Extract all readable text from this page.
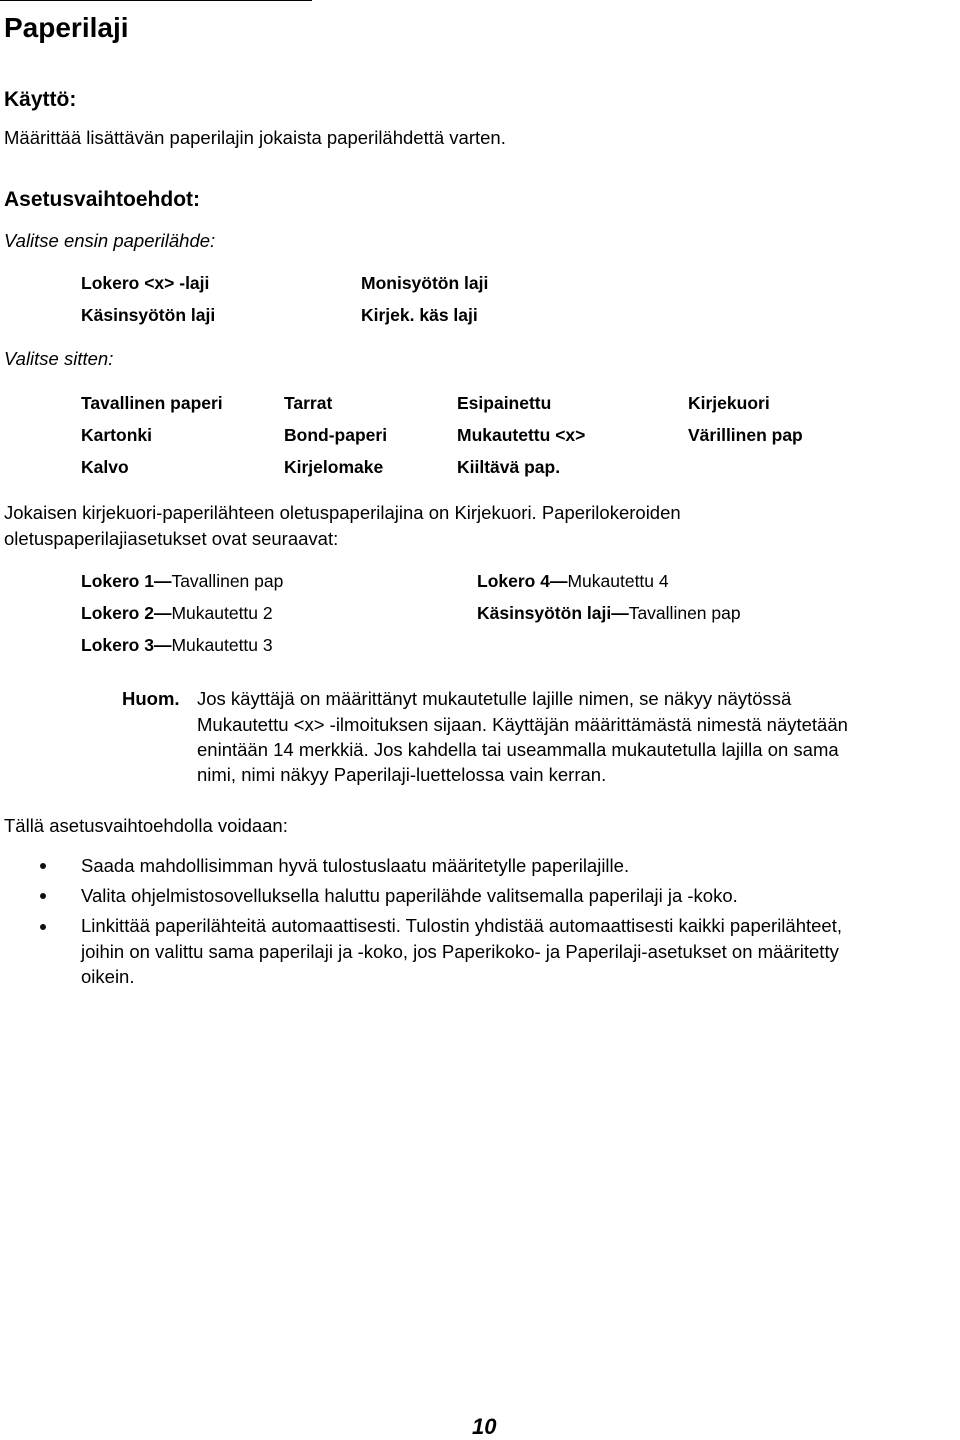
Paperilaji
Käyttö:
Määrittää lisättävän paperilajin jokaista paperilähdettä varten.
Asetusvaihtoehdot:
Valitse ensin paperilähde:
Lokero <x> -laji	Monisyötön laji
Käsinsyötön laji	Kirjek. käs laji
Valitse sitten:
Tavallinen paperi	Tarrat	Esipainettu	Kirjekuori
Kartonki	Bond-paperi	Mukautettu <x>	Värillinen pap
Kalvo	Kirjelomake	Kiiltävä pap.
Jokaisen kirjekuori-paperilähteen oletuspaperilajina on Kirjekuori. Paperilokeroiden
oletuspaperilajiasetukset ovat seuraavat:
Lokero 1—Tavallinen pap	Lokero 4—Mukautettu 4
Lokero 2—Mukautettu 2	Käsinsyötön laji—Tavallinen pap
Lokero 3—Mukautettu 3
Huom. Jos käyttäjä on määrittänyt mukautetulle lajille nimen, se näkyy näytössä
Mukautettu <x> -ilmoituksen sijaan. Käyttäjän määrittämästä nimestä näytetään
enintään 14 merkkiä. Jos kahdella tai useammalla mukautetulla lajilla on sama
nimi, nimi näkyy Paperilaji-luettelossa vain kerran.
Tällä asetusvaihtoehdolla voidaan:
Saada mahdollisimman hyvä tulostuslaatu määritetylle paperilajille.
Valita ohjelmistosovelluksella haluttu paperilähde valitsemalla paperilaji ja -koko.
Linkittää paperilähteitä automaattisesti. Tulostin yhdistää automaattisesti kaikki paperilähteet,
joihin on valittu sama paperilaji ja -koko, jos Paperikoko- ja Paperilaji-asetukset on määritetty
oikein.
10
